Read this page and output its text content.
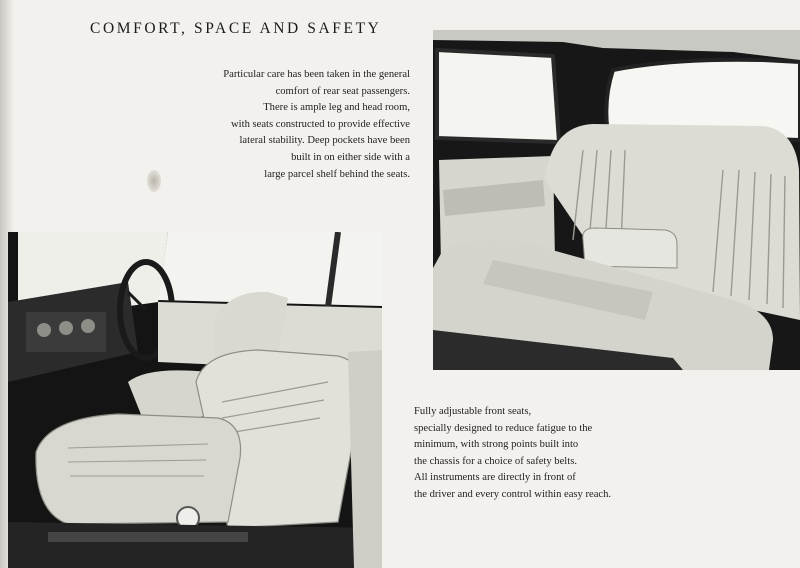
COMFORT, SPACE AND SAFETY
Particular care has been taken in the general
comfort of rear seat passengers.
There is ample leg and head room,
with seats constructed to provide effective
lateral stability. Deep pockets have been
built in on either side with a
large parcel shelf behind the seats.
Fully adjustable front seats,
specially designed to reduce fatigue to the
minimum, with strong points built into
the chassis for a choice of safety belts.
All instruments are directly in front of
the driver and every control within easy reach.
